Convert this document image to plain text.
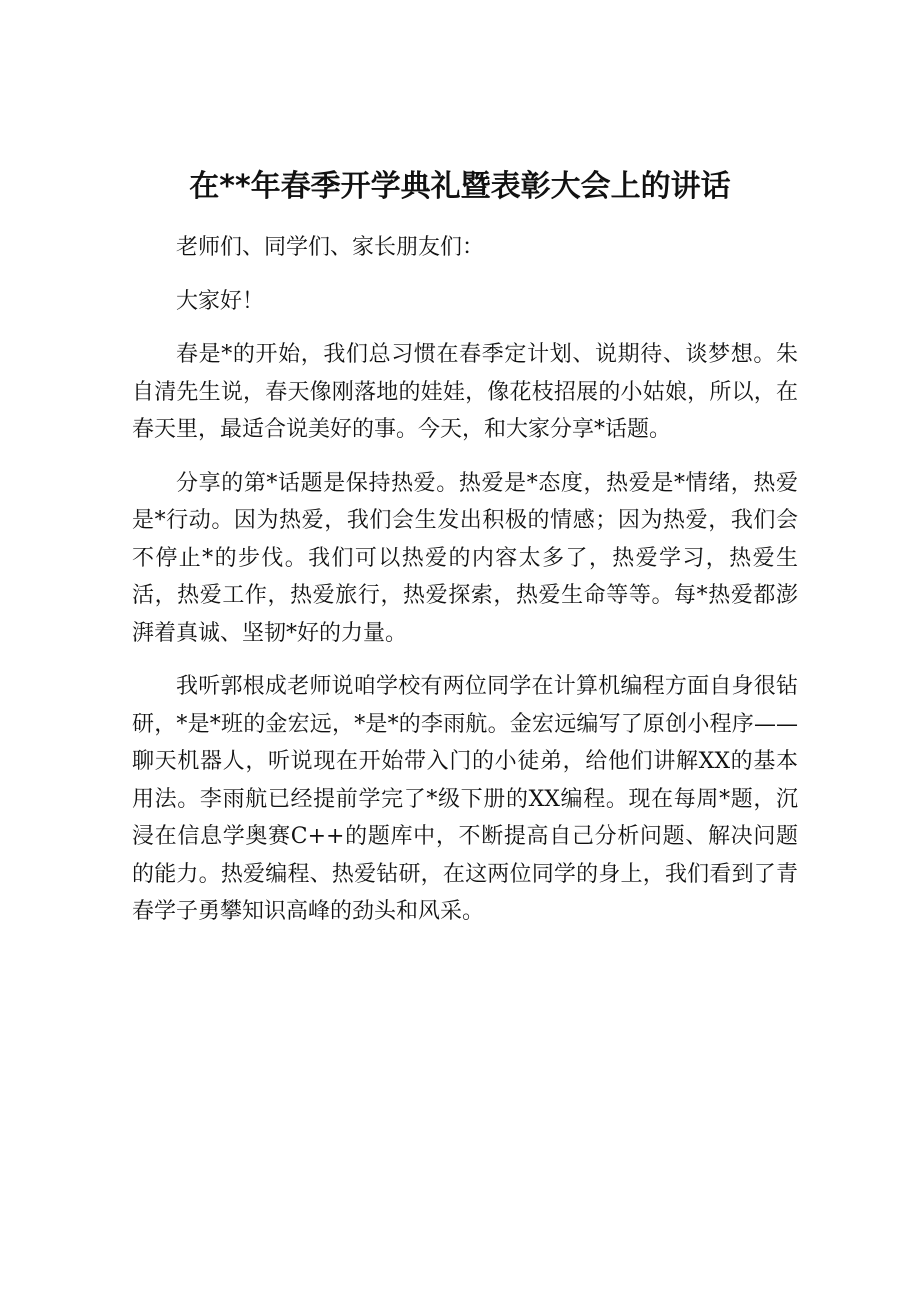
在**年春季开学典礼暨表彰大会上的讲话

老师们、同学们、家长朋友们：

大家好！

春是*的开始，我们总习惯在春季定计划、说期待、谈梦想。朱自清先生说，春天像刚落地的娃娃，像花枝招展的小姑娘，所以，在春天里，最适合说美好的事。今天，和大家分享*话题。

分享的第*话题是保持热爱。热爱是*态度，热爱是*情绪，热爱是*行动。因为热爱，我们会生发出积极的情感；因为热爱，我们会不停止*的步伐。我们可以热爱的内容太多了，热爱学习，热爱生活，热爱工作，热爱旅行，热爱探索，热爱生命等等。每*热爱都澎湃着真诚、坚韧*好的力量。

我听郭根成老师说咱学校有两位同学在计算机编程方面自身很钻研，*是*班的金宏远，*是*的李雨航。金宏远编写了原创小程序——聊天机器人，听说现在开始带入门的小徒弟，给他们讲解XX的基本用法。李雨航已经提前学完了*级下册的XX编程。现在每周*题，沉浸在信息学奥赛C++的题库中，不断提高自己分析问题、解决问题的能力。热爱编程、热爱钻研，在这两位同学的身上，我们看到了青春学子勇攀知识高峰的劲头和风采。
